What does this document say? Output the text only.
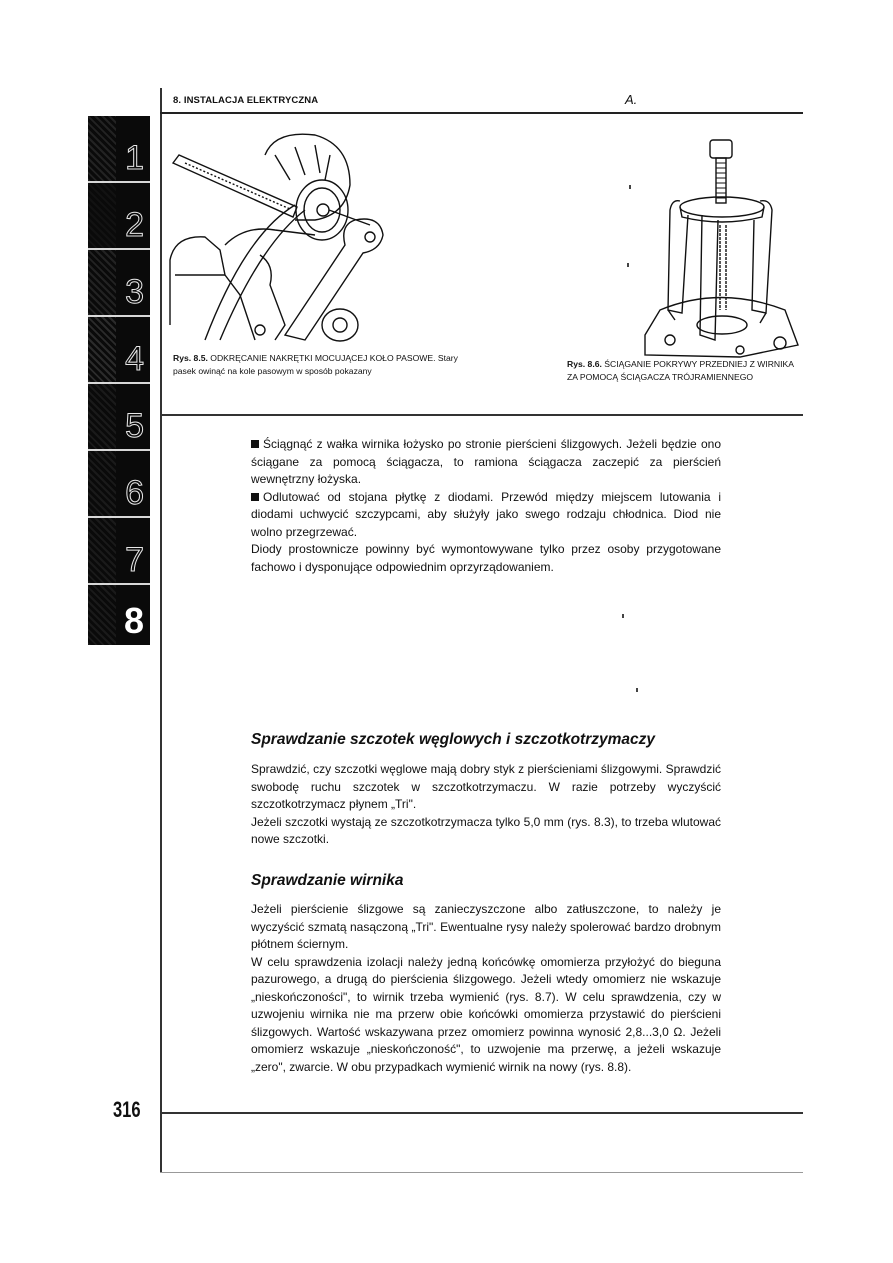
8. INSTALACJA ELEKTRYCZNA	A.
1
2
3
4
5
6
7
8
Rys. 8.5. ODKRĘCANIE NAKRĘTKI MOCUJĄCEJ KOŁO PASOWE. Stary pasek owinąć na kole pasowym w sposób pokazany
Rys. 8.6. ŚCIĄGANIE POKRYWY PRZEDNIEJ Z WIRNIKA ZA POMOCĄ ŚCIĄGACZA TRÓJRAMIENNEGO

Ściągnąć z wałka wirnika łożysko po stronie pierścieni ślizgowych. Jeżeli będzie ono ściągane za pomocą ściągacza, to ramiona ściągacza zaczepić za pierścień wewnętrzny łożyska.

Odlutować od stojana płytkę z diodami. Przewód między miejscem lutowania i diodami uchwycić szczypcami, aby służyły jako swego rodzaju chłodnica. Diod nie wolno przegrzewać.

Diody prostownicze powinny być wymontowywane tylko przez osoby przygotowane fachowo i dysponujące odpowiednim oprzyrządowaniem.

Sprawdzanie szczotek węglowych i szczotkotrzymaczy

Sprawdzić, czy szczotki węglowe mają dobry styk z pierścieniami ślizgowymi. Sprawdzić swobodę ruchu szczotek w szczotkotrzymaczu. W razie potrzeby wyczyścić szczotkotrzymacz płynem „Tri".

Jeżeli szczotki wystają ze szczotkotrzymacza tylko 5,0 mm (rys. 8.3), to trzeba wlutować nowe szczotki.

Sprawdzanie wirnika

Jeżeli pierścienie ślizgowe są zanieczyszczone albo zatłuszczone, to należy je wyczyścić szmatą nasączoną „Tri". Ewentualne rysy należy spolerować bardzo drobnym płótnem ściernym.

W celu sprawdzenia izolacji należy jedną końcówkę omomierza przyłożyć do bieguna pazurowego, a drugą do pierścienia ślizgowego. Jeżeli wtedy omomierz nie wskazuje „nieskończoności", to wirnik trzeba wymienić (rys. 8.7). W celu sprawdzenia, czy w uzwojeniu wirnika nie ma przerw obie końcówki omomierza przystawić do pierścieni ślizgowych. Wartość wskazywana przez omomierz powinna wynosić 2,8...3,0 Ω. Jeżeli omomierz wskazuje „nieskończoność", to uzwojenie ma przerwę, a jeżeli wskazuje „zero", zwarcie. W obu przypadkach wymienić wirnik na nowy (rys. 8.8).

316
